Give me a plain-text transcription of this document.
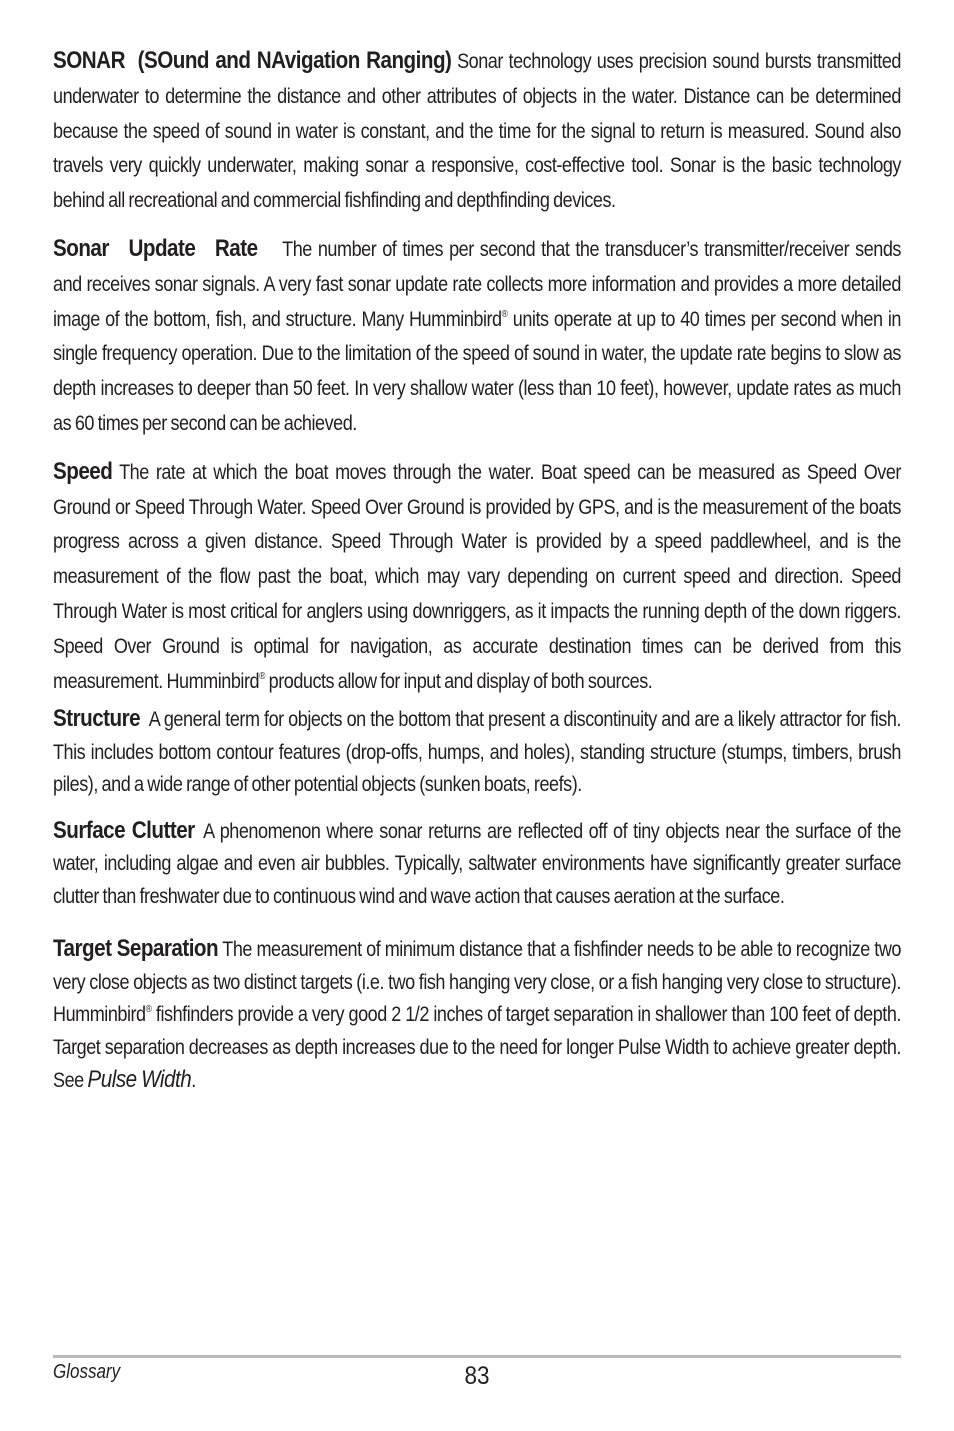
SONAR  (SOund and NAvigation Ranging) Sonar technology uses precision sound bursts transmitted underwater to determine the distance and other attributes of objects in the water. Distance can be determined because the speed of sound in water is constant, and the time for the signal to return is measured. Sound also travels very quickly underwater, making sonar a responsive, cost-effective tool. Sonar is the basic technology behind all recreational and commercial fishfinding and depthfinding devices.

Sonar Update Rate The number of times per second that the transducer’s transmitter/receiver sends and receives sonar signals. A very fast sonar update rate collects more information and provides a more detailed image of the bottom, fish, and structure. Many Humminbird® units operate at up to 40 times per second when in single frequency operation. Due to the limitation of the speed of sound in water, the update rate begins to slow as depth increases to deeper than 50 feet. In very shallow water (less than 10 feet), however, update rates as much as 60 times per second can be achieved.

Speed The rate at which the boat moves through the water. Boat speed can be measured as Speed Over Ground or Speed Through Water. Speed Over Ground is provided by GPS, and is the measurement of the boats progress across a given distance. Speed Through Water is provided by a speed paddlewheel, and is the measurement of the flow past the boat, which may vary depending on current speed and direction. Speed Through Water is most critical for anglers using downriggers, as it impacts the running depth of the down riggers. Speed Over Ground is optimal for navigation, as accurate destination times can be derived from this measurement. Humminbird® products allow for input and display of both sources.

Structure A general term for objects on the bottom that present a discontinuity and are a likely attractor for fish. This includes bottom contour features (drop-offs, humps, and holes), standing structure (stumps, timbers, brush piles), and a wide range of other potential objects (sunken boats, reefs).

Surface Clutter A phenomenon where sonar returns are reflected off of tiny objects near the surface of the water, including algae and even air bubbles. Typically, saltwater environments have significantly greater surface clutter than freshwater due to continuous wind and wave action that causes aeration at the surface.

Target Separation The measurement of minimum distance that a fishfinder needs to be able to recognize two very close objects as two distinct targets (i.e. two fish hanging very close, or a fish hanging very close to structure). Humminbird® fishfinders provide a very good 2 1/2 inches of target separation in shallower than 100 feet of depth. Target separation decreases as depth increases due to the need for longer Pulse Width to achieve greater depth. See Pulse Width.

Glossary	83
